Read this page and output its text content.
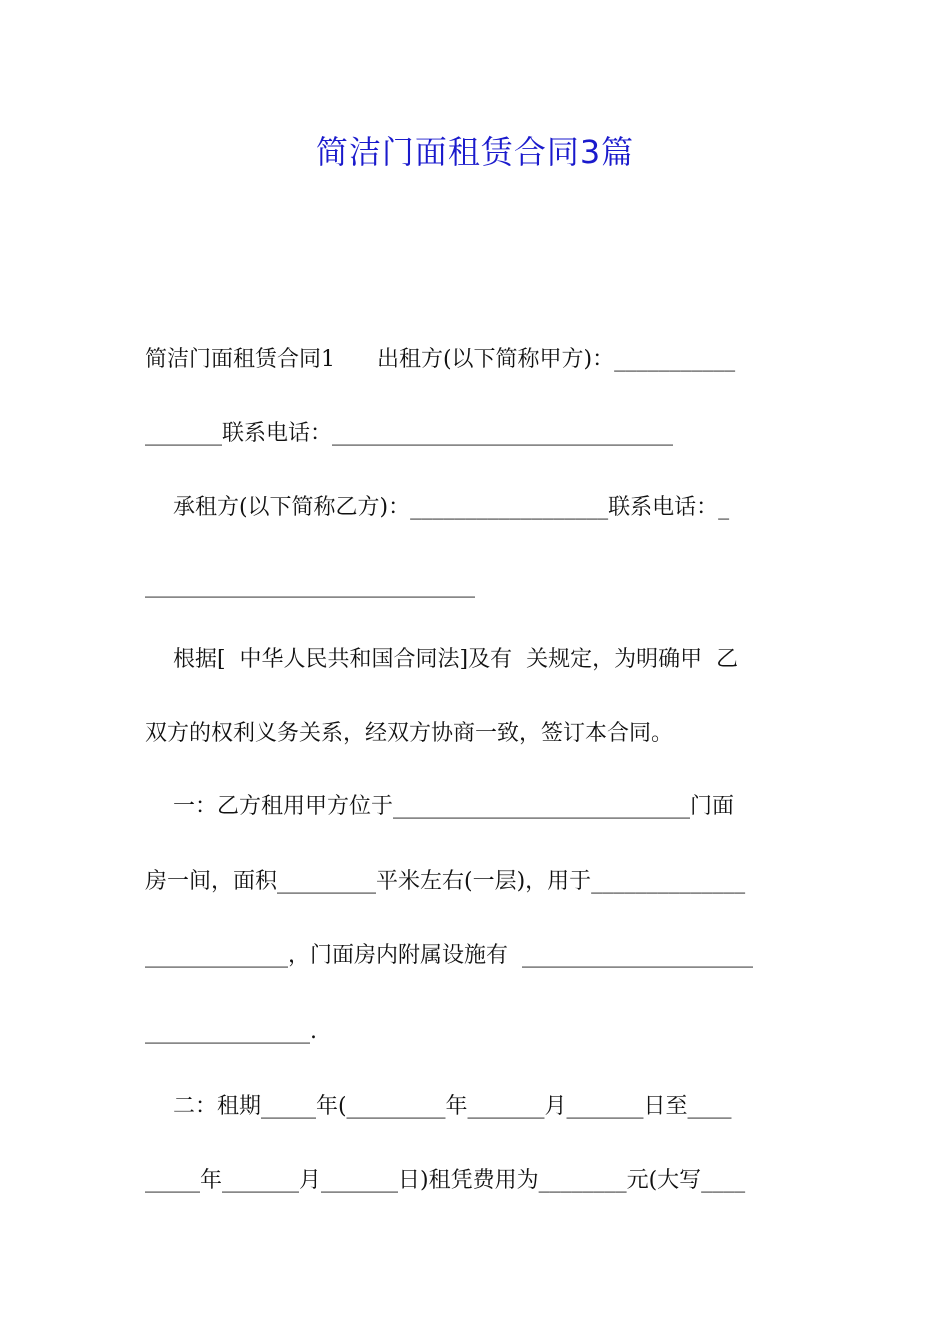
简洁门面租赁合同3篇
简洁门面租赁合同1      出租方(以下简称甲方)：___________
_______联系电话：_______________________________
承租方(以下简称乙方)：__________________联系电话：_
______________________________
根据[  中华人民共和国合同法]及有  关规定，为明确甲  乙
双方的权利义务关系，经双方协商一致，签订本合同。
一：乙方租用甲方位于___________________________门面
房一间，面积_________平米左右(一层)，用于______________
_____________，门面房内附属设施有  _____________________
_______________.
二：租期_____年(_________年_______月_______日至____
_____年_______月_______日)租凭费用为________元(大写____
